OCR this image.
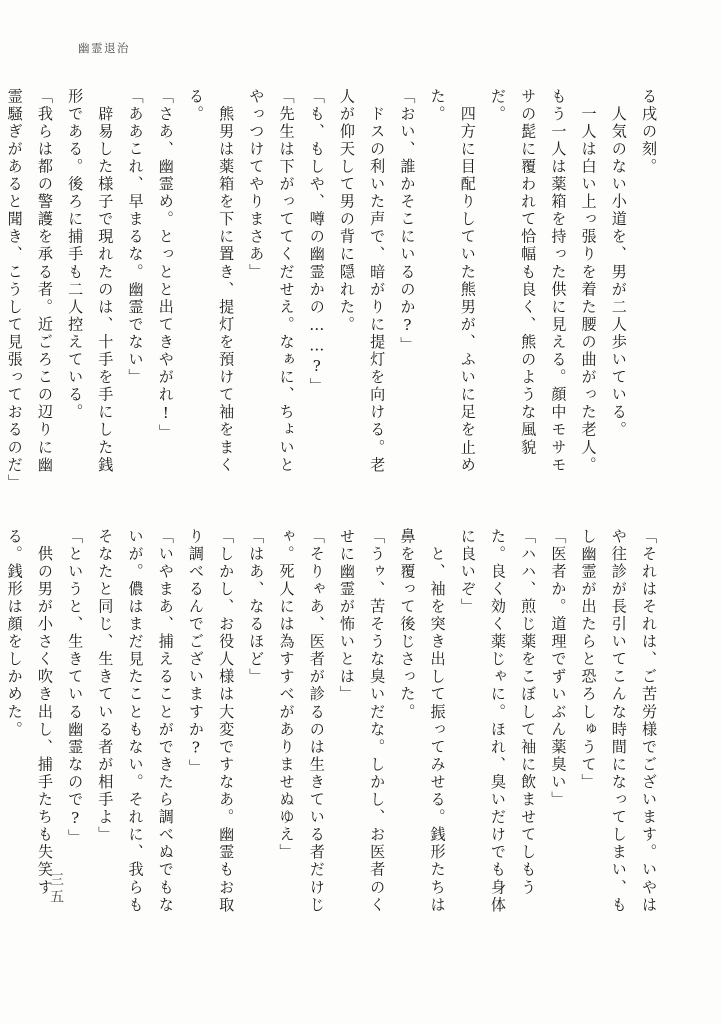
幽霊退治

る戌の刻。

　人気のない小道を、男が二人歩いている。

　一人は白い上っ張りを着た腰の曲がった老人。もう一人は薬箱を持った供に見える。顔中モサモサの髭に覆われて恰幅も良く、熊のような風貌だ。

　四方に目配りしていた熊男が、ふいに足を止めた。

「おい、誰かそこにいるのか?」

　ドスの利いた声で、暗がりに提灯を向ける。老人が仰天して男の背に隠れた。

「も、もしや、噂の幽霊かの……?」

「先生は下がっててくだせえ。なぁに、ちょいとやっつけてやりまさあ」

　熊男は薬箱を下に置き、提灯を預けて袖をまくる。

「さあ、幽霊め。とっとと出てきやがれ!」

「ああこれ、早まるな。幽霊でない」

　辟易した様子で現れたのは、十手を手にした銭形である。後ろに捕手も二人控えている。

「我らは都の警護を承る者。近ごろこの辺りに幽霊騒ぎがあると聞き、こうして見張っておるのだ」

「それはそれは、ご苦労様でございます。いやはや往診が長引いてこんな時間になってしまい、もし幽霊が出たらと恐ろしゅうて」

「医者か。道理でずいぶん薬臭い」

「ハハ、煎じ薬をこぼして袖に飲ませてしもうた。良く効く薬じゃに。ほれ、臭いだけでも身体に良いぞ」

　と、袖を突き出して振ってみせる。銭形たちは鼻を覆って後じさった。

「うゥ、苦そうな臭いだな。しかし、お医者のくせに幽霊が怖いとは」

「そりゃあ、医者が診るのは生きている者だけじゃ。死人には為すすべがありませぬゆえ」

「はあ、なるほど」

「しかし、お役人様は大変ですなあ。幽霊もお取り調べるんでございますか?」

「いやまあ、捕えることができたら調べぬでもないが。儂はまだ見たこともない。それに、我らもそなたと同じ、生きている者が相手よ」

「というと、生きている幽霊なので?」

　供の男が小さく吹き出し、捕手たちも失笑する。銭形は顔をしかめた。

三五
